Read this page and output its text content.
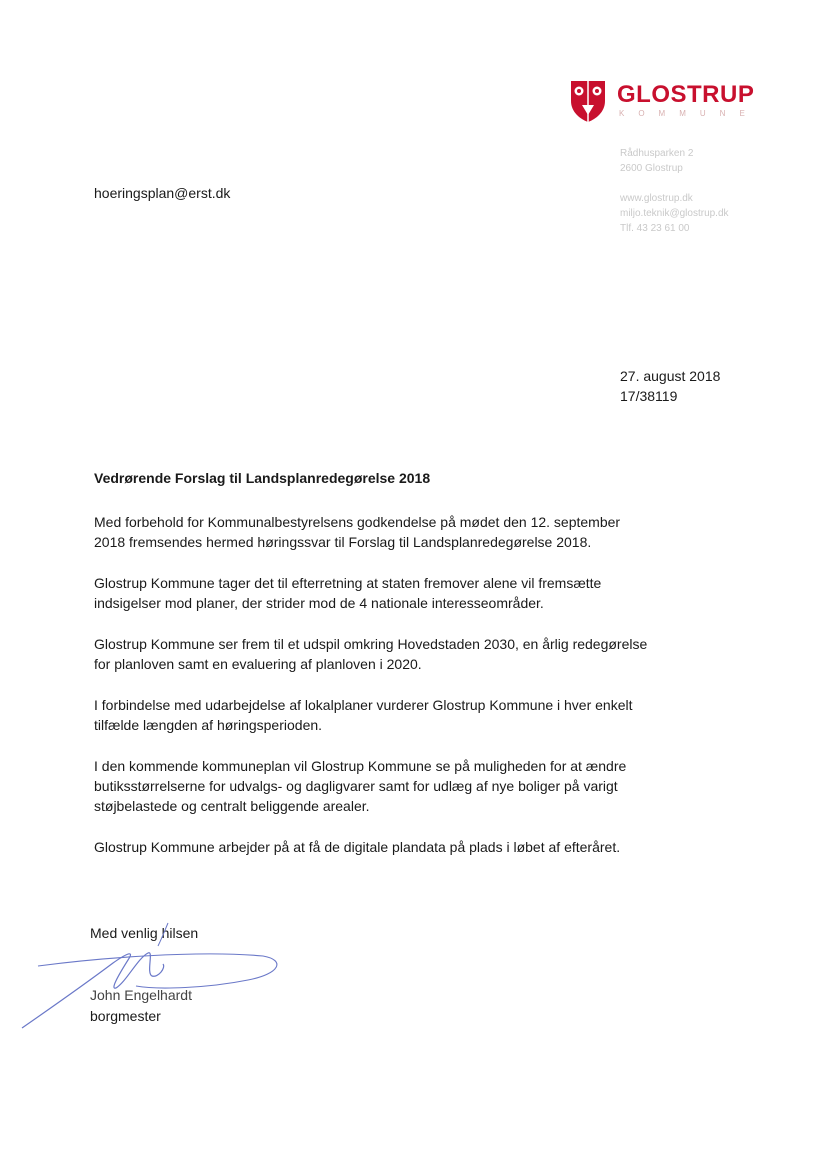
GLOSTRUP
KOMMUNE
Rådhusparken 2
2600 Glostrup
www.glostrup.dk
miljo.teknik@glostrup.dk
Tlf. 43 23 61 00
hoeringsplan@erst.dk
27. august 2018
17/38119
Vedrørende Forslag til Landsplanredegørelse 2018

Med forbehold for Kommunalbestyrelsens godkendelse på mødet den 12. september 2018 fremsendes hermed høringssvar til Forslag til Landsplanredegørelse 2018.

Glostrup Kommune tager det til efterretning at staten fremover alene vil fremsætte indsigelser mod planer, der strider mod de 4 nationale interesseområder.

Glostrup Kommune ser frem til et udspil omkring Hovedstaden 2030, en årlig redegørelse for planloven samt en evaluering af planloven i 2020.

I forbindelse med udarbejdelse af lokalplaner vurderer Glostrup Kommune i hver enkelt tilfælde længden af høringsperioden.

I den kommende kommuneplan vil Glostrup Kommune se på muligheden for at ændre butiksstørrelserne for udvalgs- og dagligvarer samt for udlæg af nye boliger på varigt støjbelastede og centralt beliggende arealer.

Glostrup Kommune arbejder på at få de digitale plandata på plads i løbet af efteråret.

Med venlig hilsen
John Engelhardt
borgmester
